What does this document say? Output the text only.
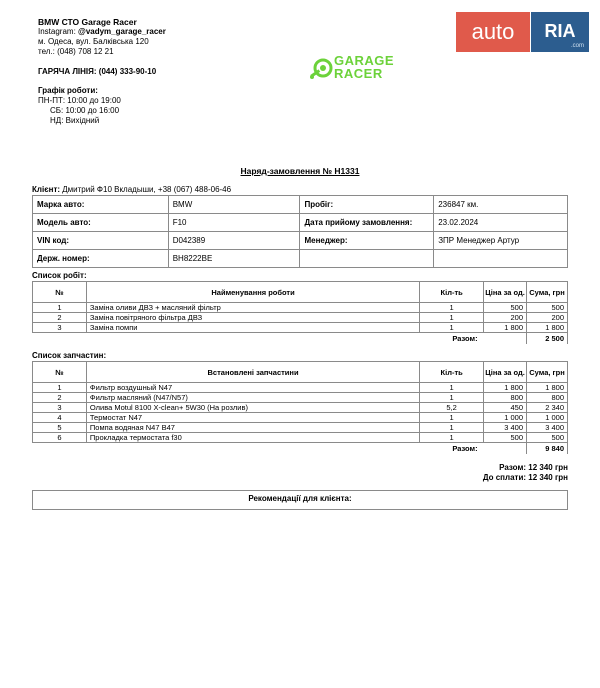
BMW СТО Garage Racer
Instagram: @vadym_garage_racer
м. Одеса, вул. Балківська 120
тел.: (048) 708 12 21
ГАРЯЧА ЛІНІЯ: (044) 333-90-10
Графік роботи:
ПН-ПТ: 10:00 до 19:00
СБ: 10:00 до 16:00
НД: Вихідний
GARAGE
RACER
auto	RIA
.com
Наряд-замовлення № Н1331
Клієнт: Дмитрий Ф10 Вкладыши, +38 (067) 488-06-46
Марка авто:	BMW	Пробіг:	236847 км.
Модель авто:	F10	Дата прийому замовлення:	23.02.2024
VIN код:	D042389	Менеджер:	ЗПР Менеджер Артур
Держ. номер:	BH8222BE		
Список робіт:
№	Найменування роботи	Кіл-ть	Ціна за од.	Сума, грн
1	Заміна оливи ДВЗ + масляний фільтр	1	500	500
2	Заміна повітряного фільтра ДВЗ	1	200	200
3	Заміна помпи	1	1 800	1 800
	Разом:			2 500
Список запчастин:
№	Встановлені запчастини	Кіл-ть	Ціна за од.	Сума, грн
1	Фильтр воздушный N47	1	1 800	1 800
2	Фильтр масляний (N47/N57)	1	800	800
3	Олива Motul 8100 X-clean+ 5W30 (На розлив)	5,2	450	2 340
4	Термостат N47	1	1 000	1 000
5	Помпа водяная N47 B47	1	3 400	3 400
6	Прокладка термостата f30	1	500	500
	Разом:			9 840
Разом: 12 340 грн
До сплати: 12 340 грн
Рекомендації для клієнта:
